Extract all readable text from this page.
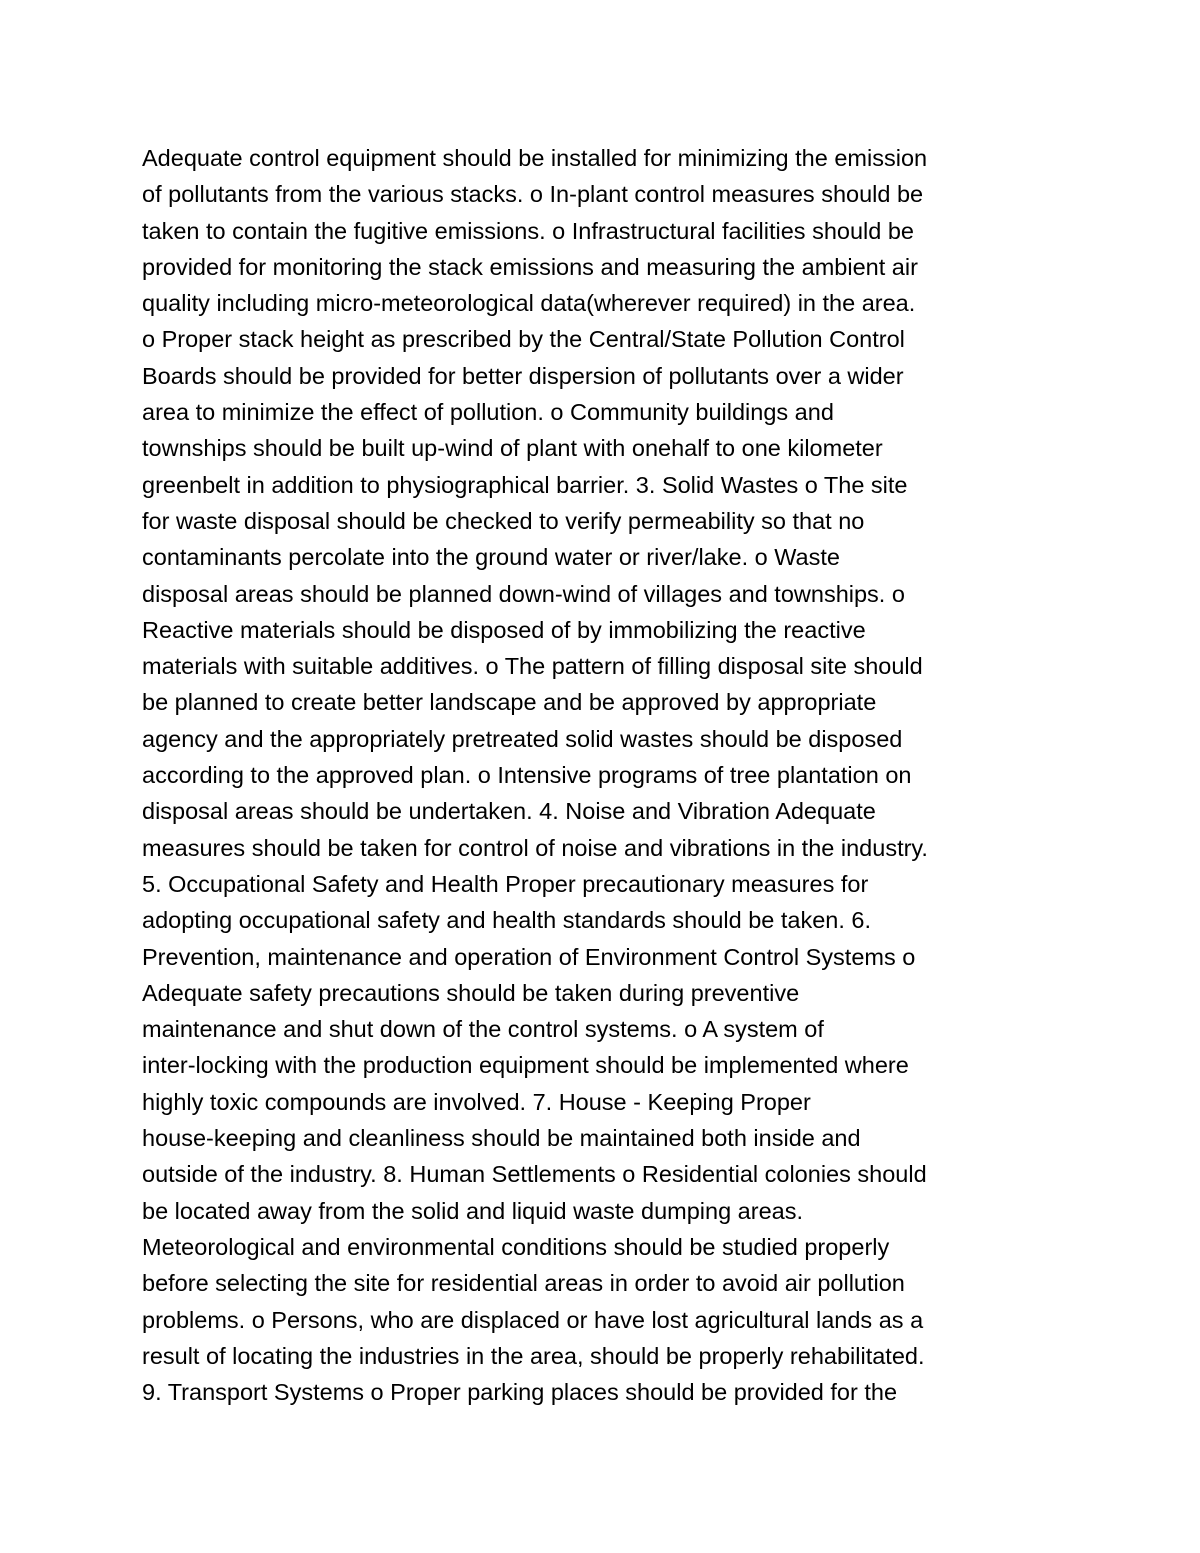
Adequate control equipment should be installed for minimizing the emission
of pollutants from the various stacks. o In-plant control measures should be
taken to contain the fugitive emissions. o Infrastructural facilities should be
provided for monitoring the stack emissions and measuring the ambient air
quality including micro-meteorological data(wherever required) in the area.
o Proper stack height as prescribed by the Central/State Pollution Control
Boards should be provided for better dispersion of pollutants over a wider
area to minimize the effect of pollution. o Community buildings and
townships should be built up-wind of plant with onehalf to one kilometer
greenbelt in addition to physiographical barrier. 3. Solid Wastes o The site
for waste disposal should be checked to verify permeability so that no
contaminants percolate into the ground water or river/lake. o Waste
disposal areas should be planned down-wind of villages and townships. o
Reactive materials should be disposed of by immobilizing the reactive
materials with suitable additives. o The pattern of filling disposal site should
be planned to create better landscape and be approved by appropriate
agency and the appropriately pretreated solid wastes should be disposed
according to the approved plan. o Intensive programs of tree plantation on
disposal areas should be undertaken. 4. Noise and Vibration Adequate
measures should be taken for control of noise and vibrations in the industry.
5. Occupational Safety and Health Proper precautionary measures for
adopting occupational safety and health standards should be taken. 6.
Prevention, maintenance and operation of Environment Control Systems o
Adequate safety precautions should be taken during preventive
maintenance and shut down of the control systems. o A system of
inter-locking with the production equipment should be implemented where
highly toxic compounds are involved. 7. House - Keeping Proper
house-keeping and cleanliness should be maintained both inside and
outside of the industry. 8. Human Settlements o Residential colonies should
be located away from the solid and liquid waste dumping areas.
Meteorological and environmental conditions should be studied properly
before selecting the site for residential areas in order to avoid air pollution
problems. o Persons, who are displaced or have lost agricultural lands as a
result of locating the industries in the area, should be properly rehabilitated.
9. Transport Systems o Proper parking places should be provided for the
